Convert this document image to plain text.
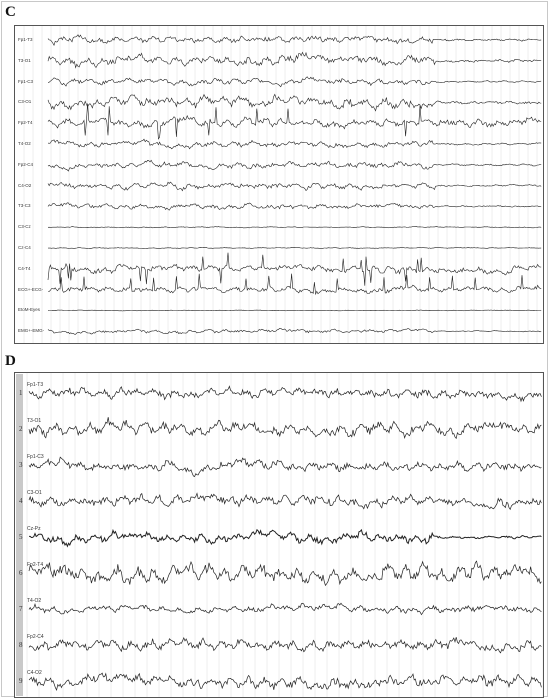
C
Fp1-T3
T3-O1
Fp1-C3
C3-O1
Fp2-T4
T4-O2
Fp2-C4
C4-O2
T3-C3
C3-Cz
Cz-C4
C4-T4
ECG+-ECG-
EtoM-Eyes
EMG+-EMG-
D
Fp1-T3
1
T3-O1
2
Fp1-C3
3
C3-O1
4
Cz-Pz
5
Fp2-T4
6
T4-O2
7
Fp2-C4
8
C4-O2
9
